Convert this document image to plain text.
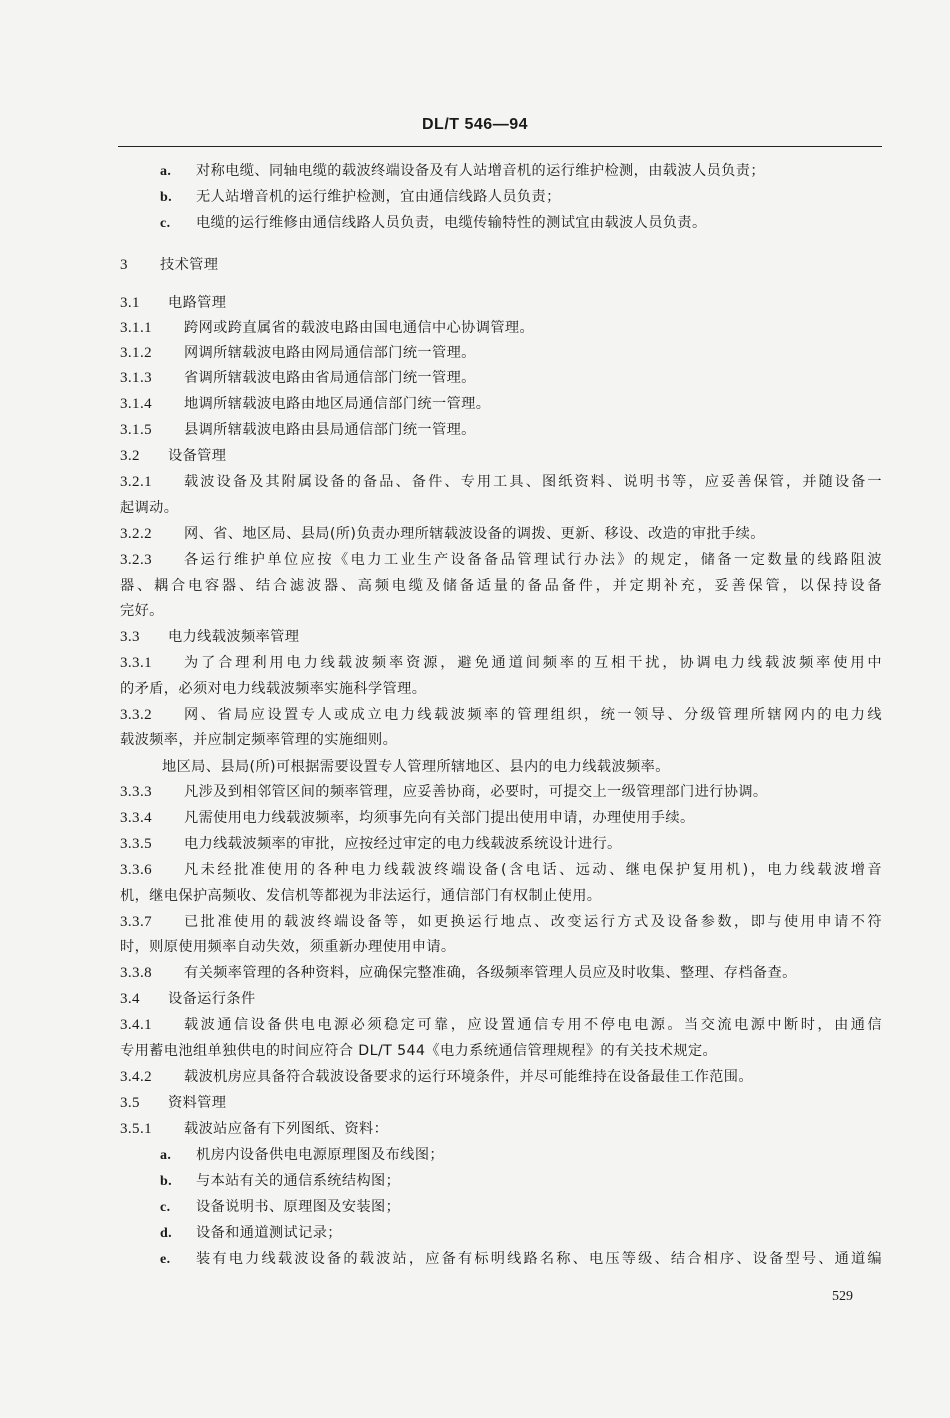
DL/T 546—94
a. 对称电缆、同轴电缆的载波终端设备及有人站增音机的运行维护检测，由载波人员负责；
b. 无人站增音机的运行维护检测，宜由通信线路人员负责；
c. 电缆的运行维修由通信线路人员负责，电缆传输特性的测试宜由载波人员负责。
3 技术管理
3.1 电路管理
3.1.1 跨网或跨直属省的载波电路由国电通信中心协调管理。
3.1.2 网调所辖载波电路由网局通信部门统一管理。
3.1.3 省调所辖载波电路由省局通信部门统一管理。
3.1.4 地调所辖载波电路由地区局通信部门统一管理。
3.1.5 县调所辖载波电路由县局通信部门统一管理。
3.2 设备管理
3.2.1 载波设备及其附属设备的备品、备件、专用工具、图纸资料、说明书等，应妥善保管，并随设备一
起调动。
3.2.2 网、省、地区局、县局(所)负责办理所辖载波设备的调拨、更新、移设、改造的审批手续。
3.2.3 各运行维护单位应按《电力工业生产设备备品管理试行办法》的规定，储备一定数量的线路阻波
器、耦合电容器、结合滤波器、高频电缆及储备适量的备品备件，并定期补充，妥善保管，以保持设备
完好。
3.3 电力线载波频率管理
3.3.1 为了合理利用电力线载波频率资源，避免通道间频率的互相干扰，协调电力线载波频率使用中
的矛盾，必须对电力线载波频率实施科学管理。
3.3.2 网、省局应设置专人或成立电力线载波频率的管理组织，统一领导、分级管理所辖网内的电力线
载波频率，并应制定频率管理的实施细则。
地区局、县局(所)可根据需要设置专人管理所辖地区、县内的电力线载波频率。
3.3.3 凡涉及到相邻管区间的频率管理，应妥善协商，必要时，可提交上一级管理部门进行协调。
3.3.4 凡需使用电力线载波频率，均须事先向有关部门提出使用申请，办理使用手续。
3.3.5 电力线载波频率的审批，应按经过审定的电力线载波系统设计进行。
3.3.6 凡未经批准使用的各种电力线载波终端设备(含电话、远动、继电保护复用机)，电力线载波增音
机，继电保护高频收、发信机等都视为非法运行，通信部门有权制止使用。
3.3.7 已批准使用的载波终端设备等，如更换运行地点、改变运行方式及设备参数，即与使用申请不符
时，则原使用频率自动失效，须重新办理使用申请。
3.3.8 有关频率管理的各种资料，应确保完整准确，各级频率管理人员应及时收集、整理、存档备查。
3.4 设备运行条件
3.4.1 载波通信设备供电电源必须稳定可靠，应设置通信专用不停电电源。当交流电源中断时，由通信
专用蓄电池组单独供电的时间应符合 DL/T 544《电力系统通信管理规程》的有关技术规定。
3.4.2 载波机房应具备符合载波设备要求的运行环境条件，并尽可能维持在设备最佳工作范围。
3.5 资料管理
3.5.1 载波站应备有下列图纸、资料：
a. 机房内设备供电电源原理图及布线图；
b. 与本站有关的通信系统结构图；
c. 设备说明书、原理图及安装图；
d. 设备和通道测试记录；
e. 装有电力线载波设备的载波站，应备有标明线路名称、电压等级、结合相序、设备型号、通道编
529
